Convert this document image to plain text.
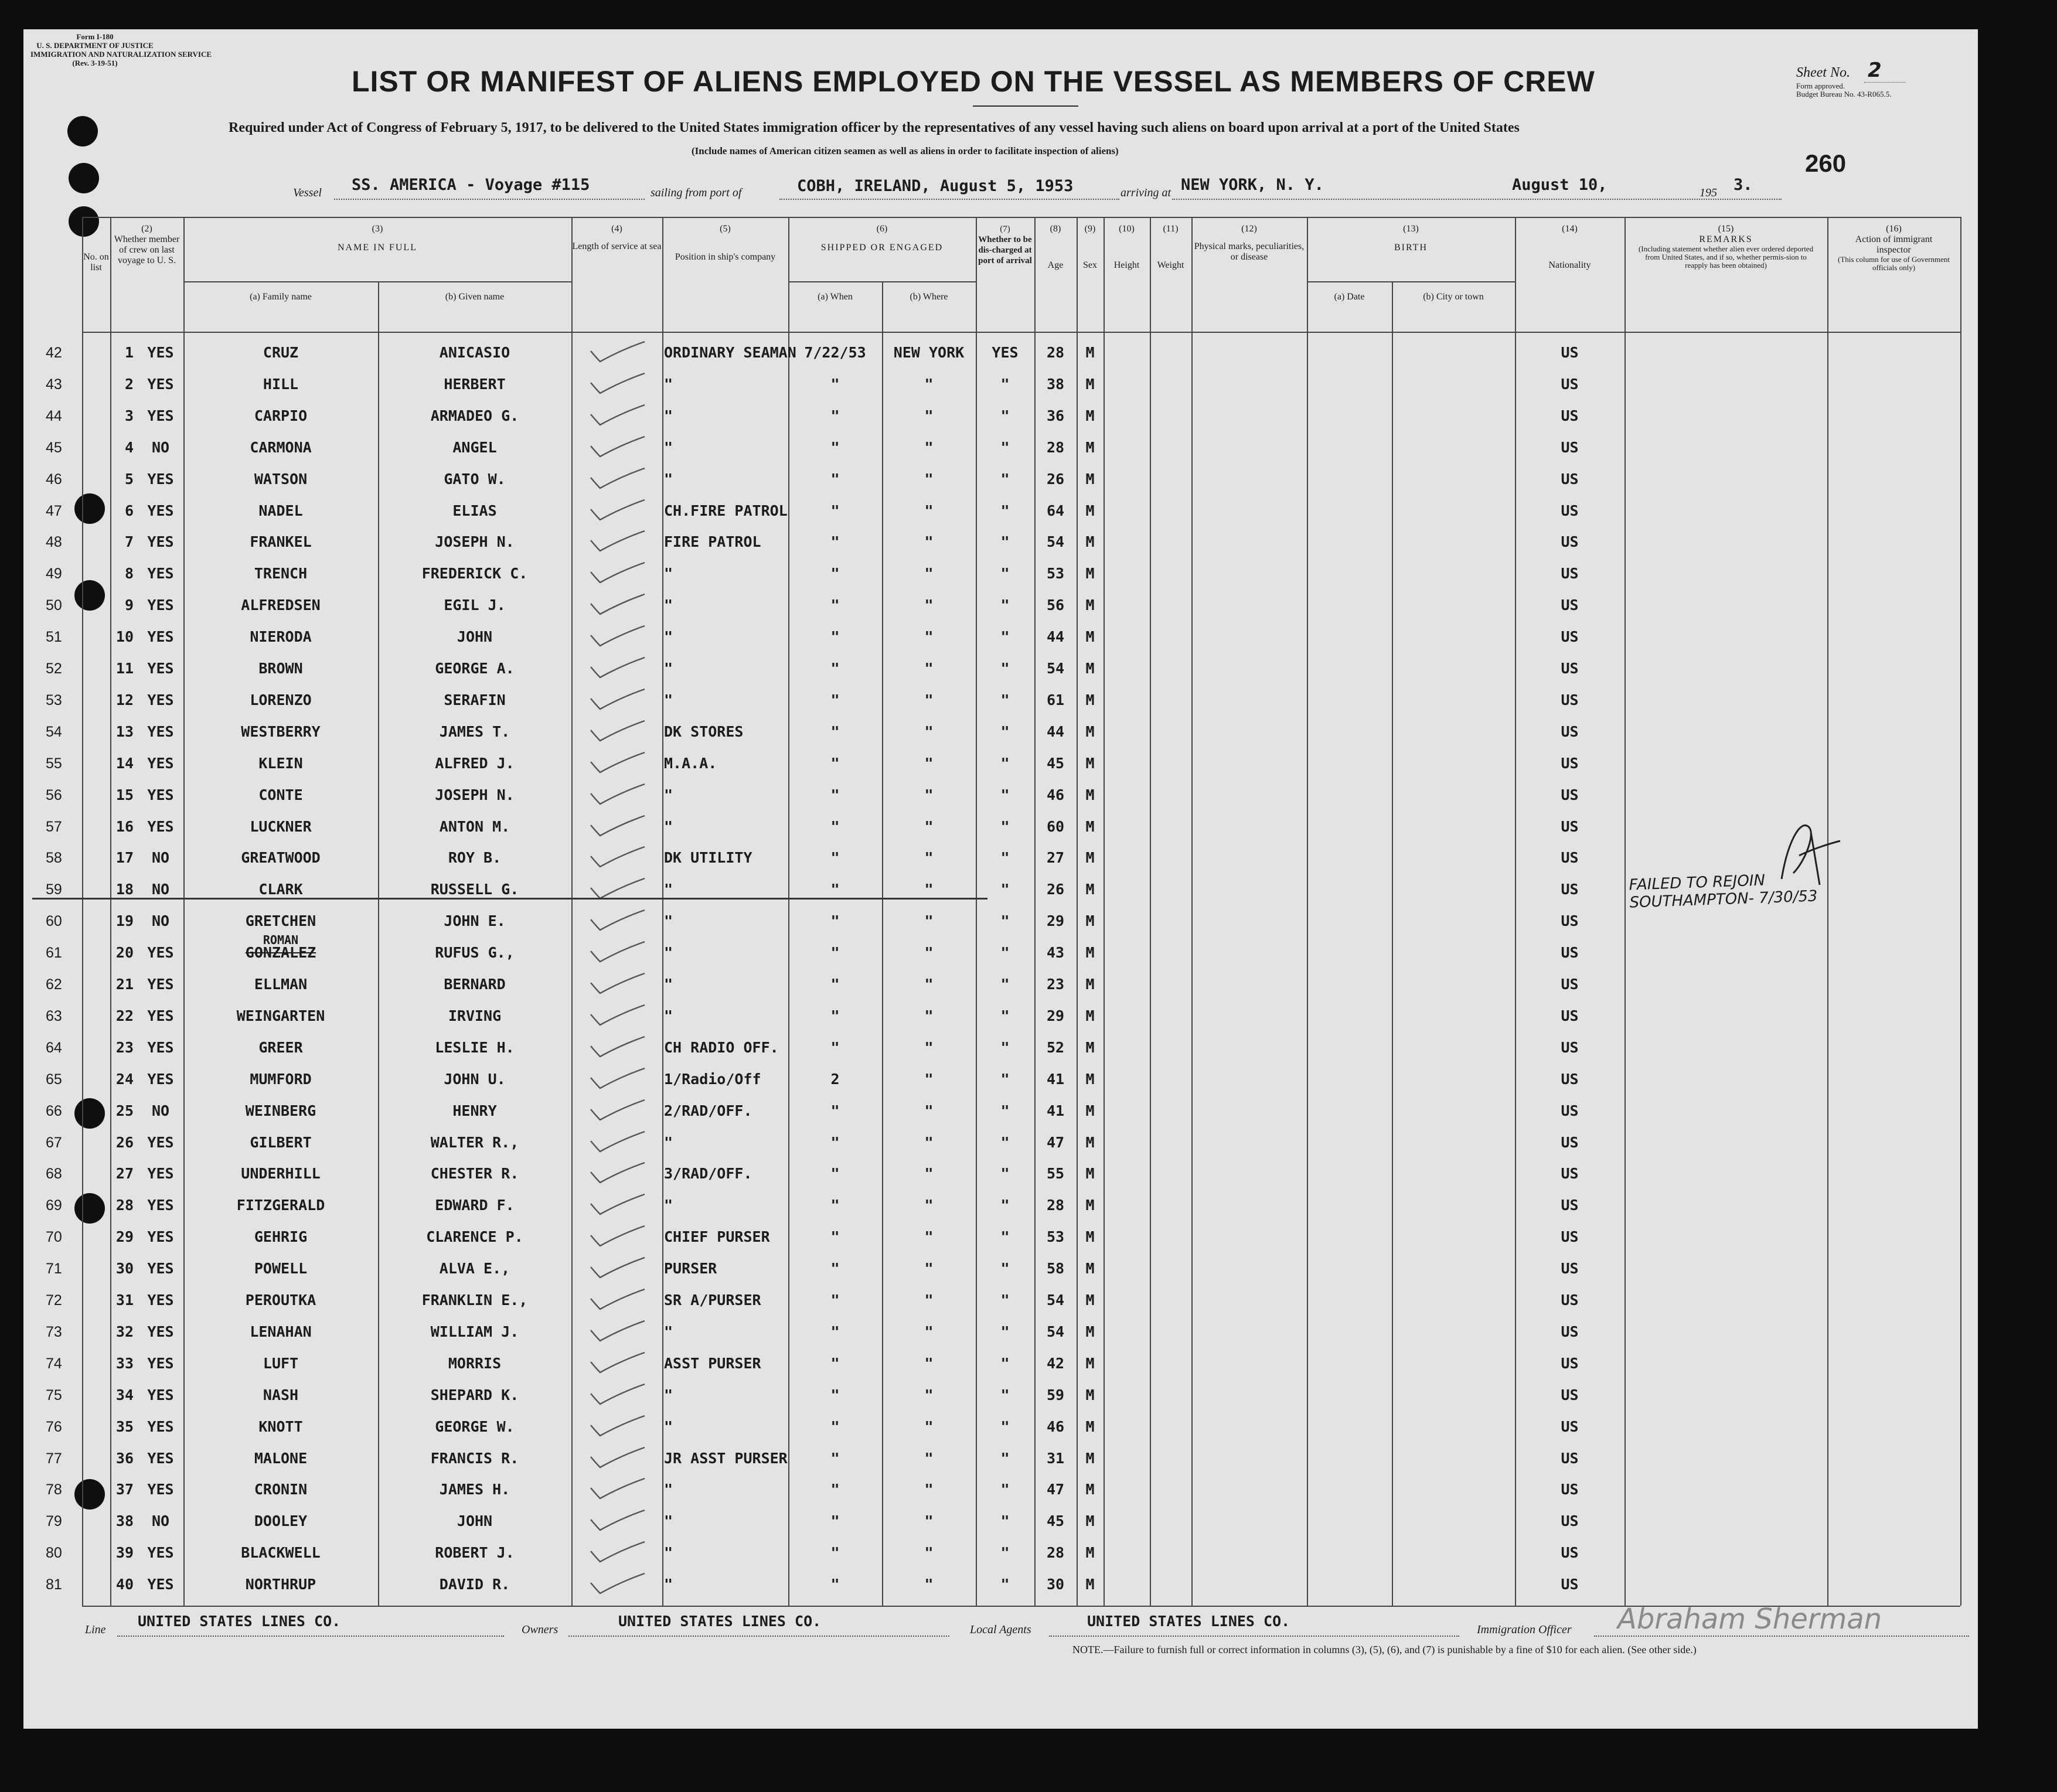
Form I-180
U. S. DEPARTMENT OF JUSTICE
IMMIGRATION AND NATURALIZATION SERVICE
(Rev. 3-19-51)
LIST OR MANIFEST OF ALIENS EMPLOYED ON THE VESSEL AS MEMBERS OF CREW
Required under Act of Congress of February 5, 1917, to be delivered to the United States immigration officer by the representatives of any vessel having such aliens on board upon arrival at a port of the United States
(Include names of American citizen seamen as well as aliens in order to facilitate inspection of aliens)
Sheet No. 2
Form approved.
Budget Bureau No. 43-R065.5.
260
Vessel SS. AMERICA - Voyage #115	sailing from port of	COBH, IRELAND, August 5, 1953	arriving at NEW YORK, N. Y.	August 10,	195 3.
No. on list
(2)
Whether member of crew on last voyage to U. S.
(3)
NAME IN FULL
(a) Family name	(b) Given name
(4)
Length of service at sea
(5)
Position in ship's company
(6)
SHIPPED OR ENGAGED
(a) When	(b) Where
(7)
Whether to be dis-charged at port of arrival
(8)
Age
(9)
Sex
(10)
Height
(11)
Weight
(12)
Physical marks, peculiarities, or disease
(13)
BIRTH
(a) Date	(b) City or town
(14)
Nationality
(15)
REMARKS
(Including statement whether alien ever ordered deported from United States, and if so, whether permis-sion to reapply has been obtained)
(16)
Action of immigrant inspector
(This column for use of Government officials only)
42	1 YES	CRUZ	ANICASIO	ORDINARY SEAMAN 7/22/53	NEW YORK	YES	28	M	US
43	2 YES	HILL	HERBERT	"	"	"	"	38	M	US
44	3 YES	CARPIO	ARMADEO G.	"	"	"	"	36	M	US
45	4	NO	CARMONA	ANGEL	"	"	"	"	28	M	US
46	5 YES	WATSON	GATO W.	"	"	"	"	26	M	US
47	6 YES	NADEL	ELIAS	CH.FIRE PATROL	"	"	"	64	M	US
48	7 YES	FRANKEL	JOSEPH N.	FIRE PATROL	"	"	"	54	M	US
49	8 YES	TRENCH	FREDERICK C.	"	"	"	"	53	M	US
50	9 YES	ALFREDSEN	EGIL J.	"	"	"	"	56	M	US
51	10 YES	NIERODA	JOHN	"	"	"	"	44	M	US
52	11 YES	BROWN	GEORGE A.	"	"	"	"	54	M	US
53	12 YES	LORENZO	SERAFIN	"	"	"	"	61	M	US
54	13 YES	WESTBERRY	JAMES T.	DK STORES	"	"	"	44	M	US
55	14 YES	KLEIN	ALFRED J.	M.A.A.	"	"	"	45	M	US
56	15 YES	CONTE	JOSEPH N.	"	"	"	"	46	M	US
57	16 YES	LUCKNER	ANTON M.	"	"	"	"	60	M	US
58	17	NO	GREATWOOD	ROY B.	DK UTILITY	"	"	"	27	M	US
59	18	NO	CLARK	RUSSELL G.	"	"	"	"	26	M	US
60	19	NO	GRETCHEN	JOHN E.	"	"	"	"	29	M	US
61	20 YES	GONZALEZ	RUFUS G.,	"	"	"	"	43	M	US
ROMAN
62	21 YES	ELLMAN	BERNARD	"	"	"	"	23	M	US
63	22 YES	WEINGARTEN	IRVING	"	"	"	"	29	M	US
64	23 YES	GREER	LESLIE H.	CH RADIO OFF.	"	"	"	52	M	US
65	24 YES	MUMFORD	JOHN U.	1/Radio/Off	2	"	"	41	M	US
66	25	NO	WEINBERG	HENRY	2/RAD/OFF.	"	"	"	41	M	US
67	26 YES	GILBERT	WALTER R.,	"	"	"	"	47	M	US
68	27 YES	UNDERHILL	CHESTER R.	3/RAD/OFF.	"	"	"	55	M	US
69	28 YES	FITZGERALD	EDWARD F.	"	"	"	"	28	M	US
70	29 YES	GEHRIG	CLARENCE P.	CHIEF PURSER	"	"	"	53	M	US
71	30 YES	POWELL	ALVA E.,	PURSER	"	"	"	58	M	US
72	31 YES	PEROUTKA	FRANKLIN E.,	SR A/PURSER	"	"	"	54	M	US
73	32 YES	LENAHAN	WILLIAM J.	"	"	"	"	54	M	US
74	33 YES	LUFT	MORRIS	ASST PURSER	"	"	"	42	M	US
75	34 YES	NASH	SHEPARD K.	"	"	"	"	59	M	US
76	35 YES	KNOTT	GEORGE W.	"	"	"	"	46	M	US
77	36 YES	MALONE	FRANCIS R.	JR ASST PURSER	"	"	"	31	M	US
78	37 YES	CRONIN	JAMES H.	"	"	"	"	47	M	US
79	38	NO	DOOLEY	JOHN	"	"	"	"	45	M	US
80	39 YES	BLACKWELL	ROBERT J.	"	"	"	"	28	M	US
81	40 YES	NORTHRUP	DAVID R.	"	"	"	"	30	M	US
FAILED TO REJOIN
SOUTHAMPTON- 7/30/53
Line UNITED STATES LINES CO.	Owners	UNITED STATES LINES CO.	Local Agents	UNITED STATES LINES CO.	Immigration Officer Abraham Sherman
NOTE.—Failure to furnish full or correct information in columns (3), (5), (6), and (7) is punishable by a fine of $10 for each alien. (See other side.)
